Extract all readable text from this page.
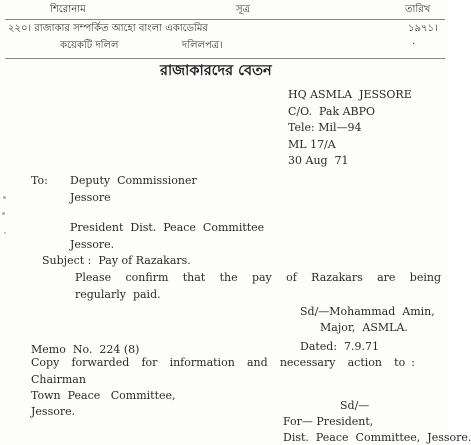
শিরোনাম	সূত্র	তারিখ
২২০। রাজাকার সম্পর্কিত আহো বাংলা একাডেমির	১৯৭১।
কয়েকটি দলিল                    দলিলপত্র।	·
রাজাকারদের বেতন
HQ ASMLA  JESSORE
C/O.  Pak ABPO
Tele: Mil—94
ML 17/A
30 Aug  71
To: Deputy  Commissioner
Jessore
President  Dist.  Peace  Committee
Jessore.
Subject :  Pay of Razakars.
Please  confirm  that  the  pay  of  Razakars  are  being
regularly  paid.
Sd/—Mohammad  Amin,
Major,  ASMLA.
Memo  No.  224 (8)	Dated:  7.9.71
Copy  forwarded  for  information  and  necessary  action  to :
Chairman
Town  Peace   Committee,
Jessore.	Sd/—
For— President,
Dist.  Peace  Committee,  Jessore.
